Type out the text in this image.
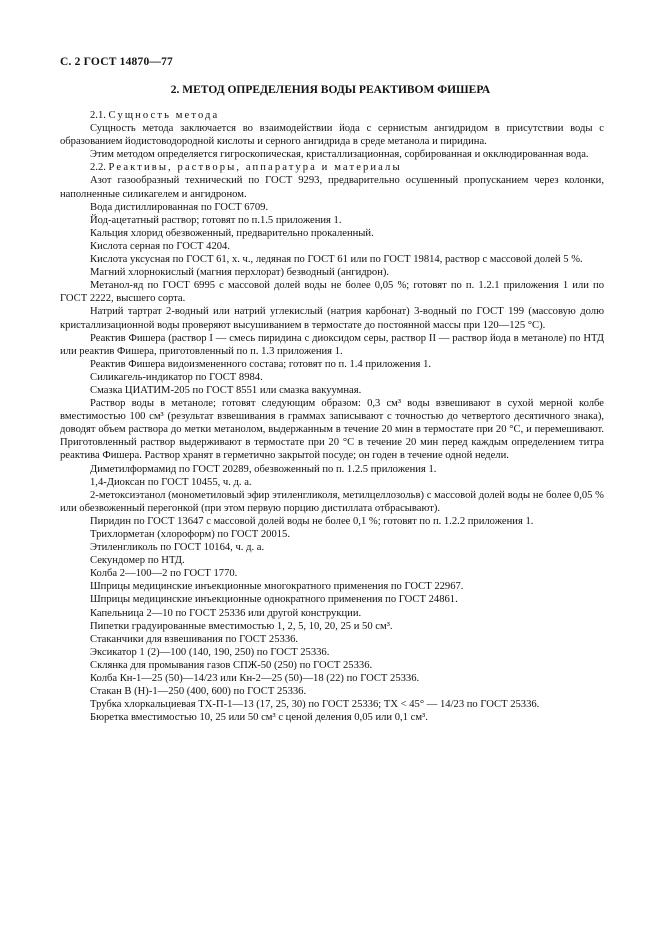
С. 2 ГОСТ 14870—77
2. МЕТОД ОПРЕДЕЛЕНИЯ ВОДЫ РЕАКТИВОМ ФИШЕРА

2.1. Сущность метода

Сущность метода заключается во взаимодействии йода с сернистым ангидридом в присутствии воды с образованием йодистоводородной кислоты и серного ангидрида в среде метанола и пиридина.

Этим методом определяется гигроскопическая, кристаллизационная, сорбированная и окклюдированная вода.

2.2. Реактивы, растворы, аппаратура и материалы

Азот газообразный технический по ГОСТ 9293, предварительно осушенный пропусканием через колонки, наполненные силикагелем и ангидроном.

Вода дистиллированная по ГОСТ 6709.

Йод-ацетатный раствор; готовят по п.1.5 приложения 1.

Кальция хлорид обезвоженный, предварительно прокаленный.

Кислота серная по ГОСТ 4204.

Кислота уксусная по ГОСТ 61, х. ч., ледяная по ГОСТ 61 или по ГОСТ 19814, раствор с массовой долей 5 %.

Магний хлорнокислый (магния перхлорат) безводный (ангидрон).

Метанол-яд по ГОСТ 6995 с массовой долей воды не более 0,05 %; готовят по п. 1.2.1 приложения 1 или по ГОСТ 2222, высшего сорта.

Натрий тартрат 2-водный или натрий углекислый (натрия карбонат) 3-водный по ГОСТ 199 (массовую долю кристаллизационной воды проверяют высушиванием в термостате до постоянной массы при 120—125 °С).

Реактив Фишера (раствор I — смесь пиридина с диоксидом серы, раствор II — раствор йода в метаноле) по НТД или реактив Фишера, приготовленный по п. 1.3 приложения 1.

Реактив Фишера видоизмененного состава; готовят по п. 1.4 приложения 1.

Силикагель-индикатор по ГОСТ 8984.

Смазка ЦИАТИМ-205 по ГОСТ 8551 или смазка вакуумная.

Раствор воды в метаноле; готовят следующим образом: 0,3 см³ воды взвешивают в сухой мерной колбе вместимостью 100 см³ (результат взвешивания в граммах записывают с точностью до четвертого десятичного знака), доводят объем раствора до метки метанолом, выдержанным в течение 20 мин в термостате при 20 °С, и перемешивают. Приготовленный раствор выдерживают в термостате при 20 °С в течение 20 мин перед каждым определением титра реактива Фишера. Раствор хранят в герметично закрытой посуде; он годен в течение одной недели.

Диметилформамид по ГОСТ 20289, обезвоженный по п. 1.2.5 приложения 1.

1,4-Диоксан по ГОСТ 10455, ч. д. а.

2-метоксиэтанол (монометиловый эфир этиленгликоля, метилцеллозольв) с массовой долей воды не более 0,05 % или обезвоженный перегонкой (при этом первую порцию дистиллата отбрасывают).

Пиридин по ГОСТ 13647 с массовой долей воды не более 0,1 %; готовят по п. 1.2.2 приложения 1.

Трихлорметан (хлороформ) по ГОСТ 20015.

Этиленгликоль по ГОСТ 10164, ч. д. а.

Секундомер по НТД.

Колба 2—100—2 по ГОСТ 1770.

Шприцы медицинские инъекционные многократного применения по ГОСТ 22967.

Шприцы медицинские инъекционные однократного применения по ГОСТ 24861.

Капельница 2—10 по ГОСТ 25336 или другой конструкции.

Пипетки градуированные вместимостью 1, 2, 5, 10, 20, 25 и 50 см³.

Стаканчики для взвешивания по ГОСТ 25336.

Эксикатор 1 (2)—100 (140, 190, 250) по ГОСТ 25336.

Склянка для промывания газов СПЖ-50 (250) по ГОСТ 25336.

Колба Кн-1—25 (50)—14/23 или Кн-2—25 (50)—18 (22) по ГОСТ 25336.

Стакан В (Н)-1—250 (400, 600) по ГОСТ 25336.

Трубка хлоркальциевая ТХ-П-1—13 (17, 25, 30) по ГОСТ 25336; ТХ < 45° — 14/23 по ГОСТ 25336.

Бюретка вместимостью 10, 25 или 50 см³ с ценой деления 0,05 или 0,1 см³.
